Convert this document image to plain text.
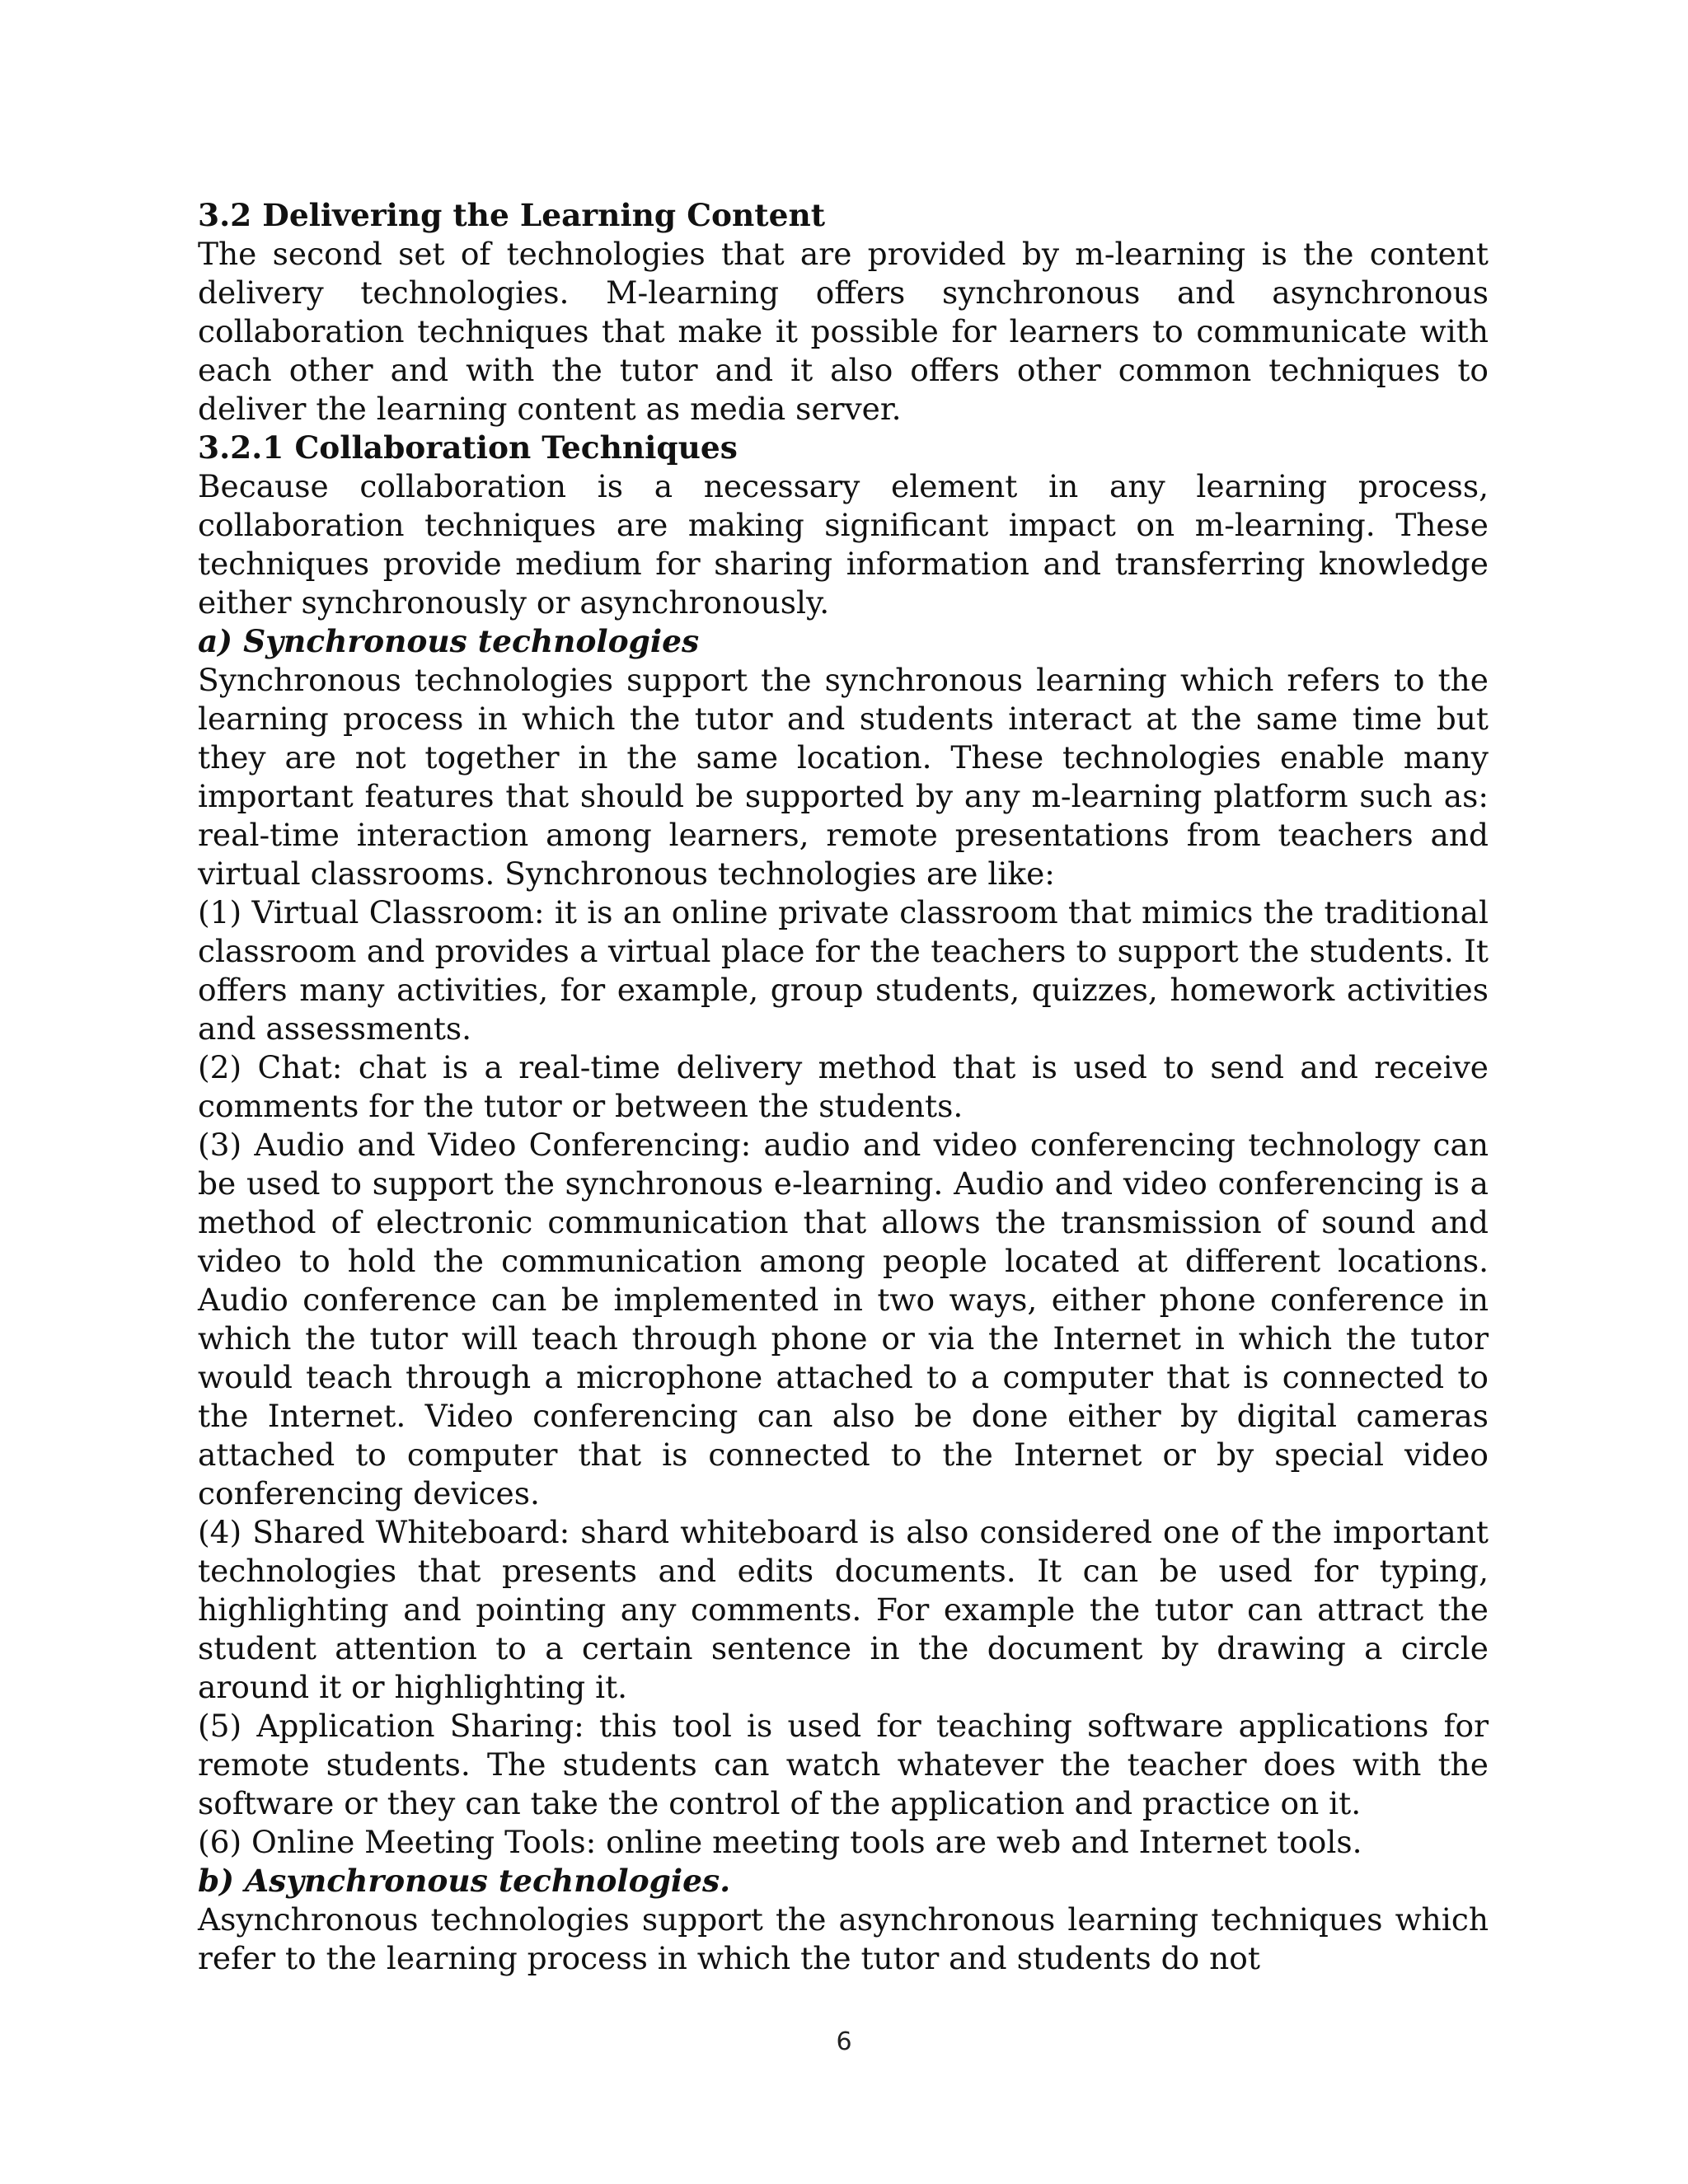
3.2 Delivering the Learning Content

The second set of technologies that are provided by m-learning is the content delivery technologies. M-learning offers synchronous and asynchronous collaboration techniques that make it possible for learners to communicate with each other and with the tutor and it also offers other common techniques to deliver the learning content as media server.

3.2.1 Collaboration Techniques

Because collaboration is a necessary element in any learning process, collaboration techniques are making significant impact on m-learning. These techniques provide medium for sharing information and transferring knowledge either synchronously or asynchronously.

a) Synchronous technologies

Synchronous technologies support the synchronous learning which refers to the learning process in which the tutor and students interact at the same time but they are not together in the same location. These technologies enable many important features that should be supported by any m-learning platform such as: real-time interaction among learners, remote presentations from teachers and virtual classrooms. Synchronous technologies are like:

(1) Virtual Classroom: it is an online private classroom that mimics the traditional classroom and provides a virtual place for the teachers to support the students. It offers many activities, for example, group students, quizzes, homework activities and assessments.

(2) Chat: chat is a real-time delivery method that is used to send and receive comments for the tutor or between the students.

(3) Audio and Video Conferencing: audio and video conferencing technology can be used to support the synchronous e-learning. Audio and video conferencing is a method of electronic communication that allows the transmission of sound and video to hold the communication among people located at different locations. Audio conference can be implemented in two ways, either phone conference in which the tutor will teach through phone or via the Internet in which the tutor would teach through a microphone attached to a computer that is connected to the Internet. Video conferencing can also be done either by digital cameras attached to computer that is connected to the Internet or by special video conferencing devices.

(4) Shared Whiteboard: shard whiteboard is also considered one of the important technologies that presents and edits documents. It can be used for typing, highlighting and pointing any comments. For example the tutor can attract the student attention to a certain sentence in the document by drawing a circle around it or highlighting it.

(5) Application Sharing: this tool is used for teaching software applications for remote students. The students can watch whatever the teacher does with the software or they can take the control of the application and practice on it.

(6) Online Meeting Tools: online meeting tools are web and Internet tools.

b) Asynchronous technologies.

Asynchronous technologies support the asynchronous learning techniques which refer to the learning process in which the tutor and students do not

6
